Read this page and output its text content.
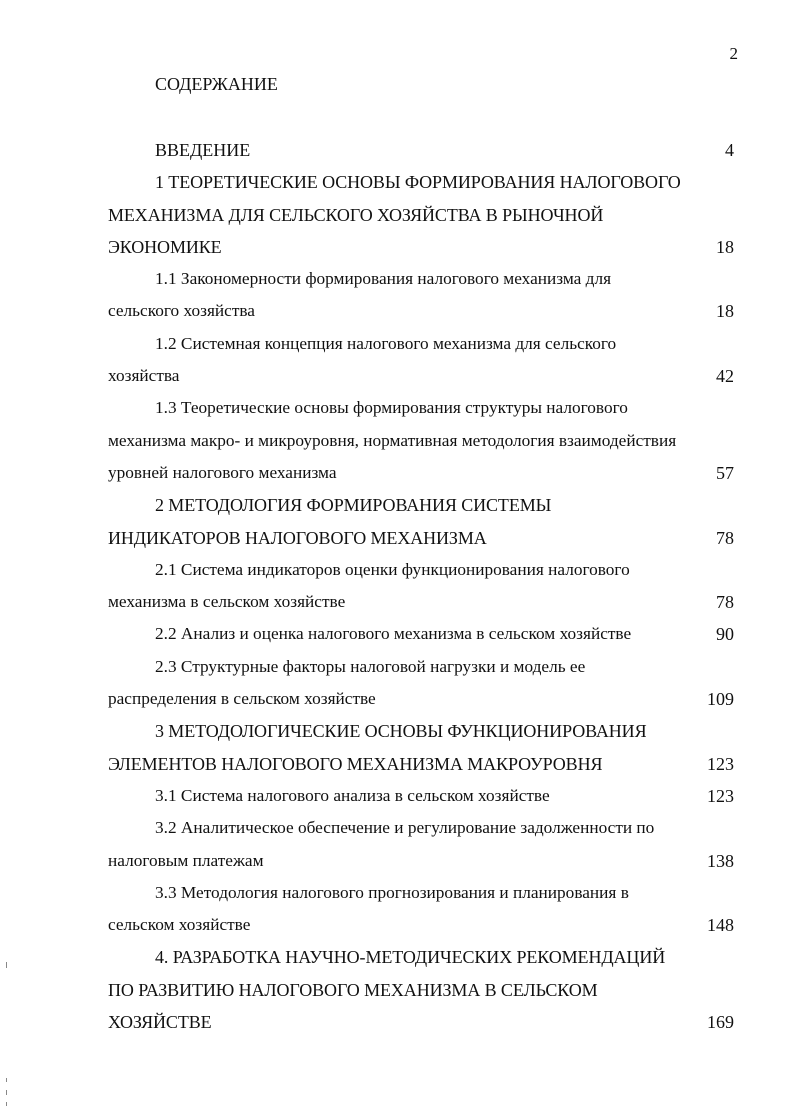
2
СОДЕРЖАНИЕ
ВВЕДЕНИЕ	4
1 ТЕОРЕТИЧЕСКИЕ ОСНОВЫ ФОРМИРОВАНИЯ НАЛОГОВОГО МЕХАНИЗМА ДЛЯ СЕЛЬСКОГО ХОЗЯЙСТВА В РЫНОЧНОЙ ЭКОНОМИКЕ	18
1.1 Закономерности формирования налогового механизма для сельского хозяйства	18
1.2 Системная концепция налогового механизма для сельского хозяйства	42
1.3 Теоретические основы формирования структуры налогового механизма макро- и микроуровня, нормативная методология взаимодействия уровней налогового механизма	57
2 МЕТОДОЛОГИЯ ФОРМИРОВАНИЯ СИСТЕМЫ ИНДИКАТОРОВ НАЛОГОВОГО МЕХАНИЗМА	78
2.1 Система индикаторов оценки функционирования налогового механизма в сельском хозяйстве	78
2.2 Анализ и оценка налогового механизма в сельском хозяйстве	90
2.3 Структурные факторы налоговой нагрузки и модель ее распределения в сельском хозяйстве	109
3 МЕТОДОЛОГИЧЕСКИЕ ОСНОВЫ ФУНКЦИОНИРОВАНИЯ ЭЛЕМЕНТОВ НАЛОГОВОГО МЕХАНИЗМА МАКРОУРОВНЯ	123
3.1 Система налогового анализа в сельском хозяйстве	123
3.2 Аналитическое обеспечение и регулирование задолженности по налоговым платежам	138
3.3 Методология налогового прогнозирования и планирования в сельском хозяйстве	148
4. РАЗРАБОТКА НАУЧНО-МЕТОДИЧЕСКИХ РЕКОМЕНДАЦИЙ ПО РАЗВИТИЮ НАЛОГОВОГО МЕХАНИЗМА В СЕЛЬСКОМ ХОЗЯЙСТВЕ	169
